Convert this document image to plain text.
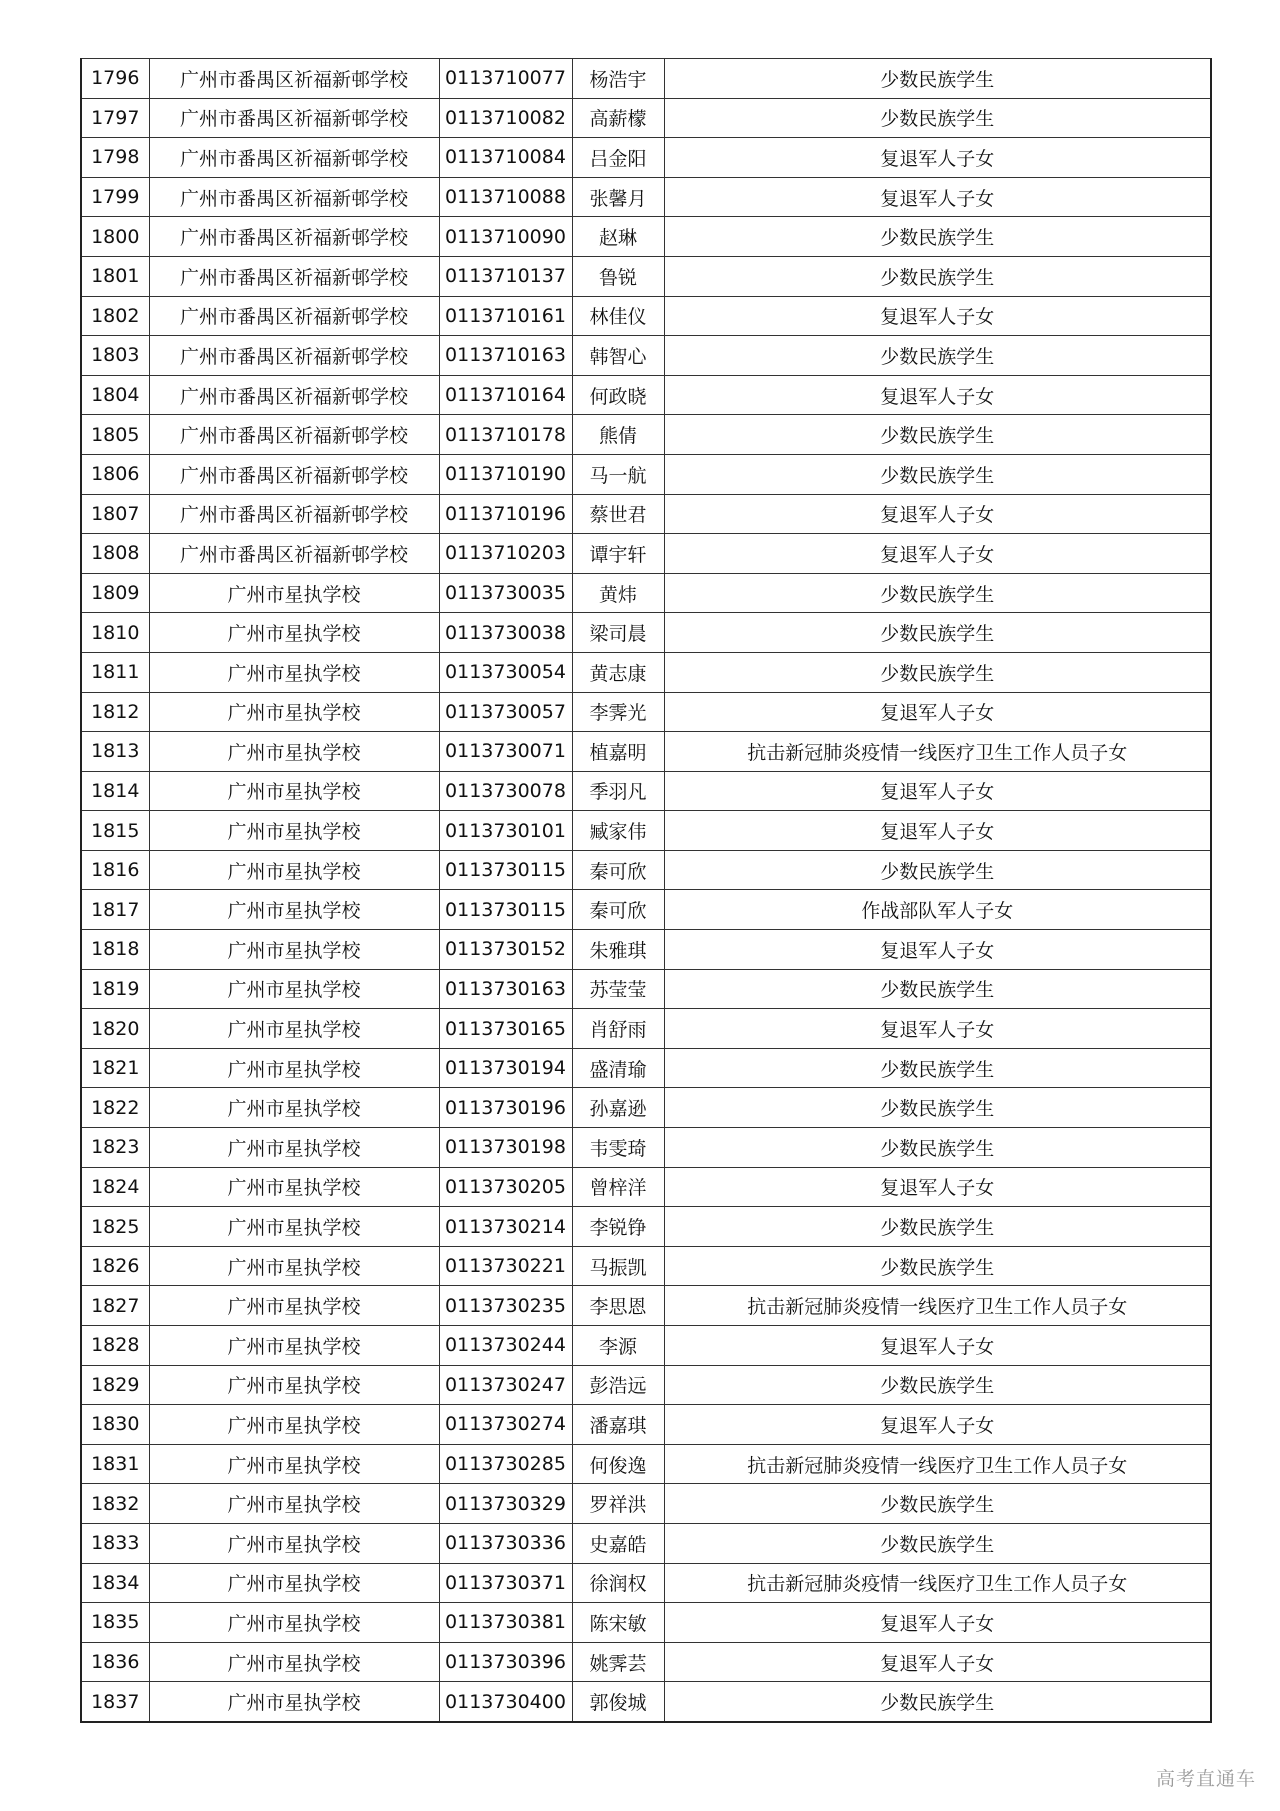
1796	广州市番禺区祈福新邨学校	0113710077	杨浩宇	少数民族学生
1797	广州市番禺区祈福新邨学校	0113710082	高薪檬	少数民族学生
1798	广州市番禺区祈福新邨学校	0113710084	吕金阳	复退军人子女
1799	广州市番禺区祈福新邨学校	0113710088	张馨月	复退军人子女
1800	广州市番禺区祈福新邨学校	0113710090	赵琳	少数民族学生
1801	广州市番禺区祈福新邨学校	0113710137	鲁锐	少数民族学生
1802	广州市番禺区祈福新邨学校	0113710161	林佳仪	复退军人子女
1803	广州市番禺区祈福新邨学校	0113710163	韩智心	少数民族学生
1804	广州市番禺区祈福新邨学校	0113710164	何政晓	复退军人子女
1805	广州市番禺区祈福新邨学校	0113710178	熊倩	少数民族学生
1806	广州市番禺区祈福新邨学校	0113710190	马一航	少数民族学生
1807	广州市番禺区祈福新邨学校	0113710196	蔡世君	复退军人子女
1808	广州市番禺区祈福新邨学校	0113710203	谭宇轩	复退军人子女
1809	广州市星执学校	0113730035	黄炜	少数民族学生
1810	广州市星执学校	0113730038	梁司晨	少数民族学生
1811	广州市星执学校	0113730054	黄志康	少数民族学生
1812	广州市星执学校	0113730057	李霁光	复退军人子女
1813	广州市星执学校	0113730071	植嘉明	抗击新冠肺炎疫情一线医疗卫生工作人员子女
1814	广州市星执学校	0113730078	季羽凡	复退军人子女
1815	广州市星执学校	0113730101	臧家伟	复退军人子女
1816	广州市星执学校	0113730115	秦可欣	少数民族学生
1817	广州市星执学校	0113730115	秦可欣	作战部队军人子女
1818	广州市星执学校	0113730152	朱雅琪	复退军人子女
1819	广州市星执学校	0113730163	苏莹莹	少数民族学生
1820	广州市星执学校	0113730165	肖舒雨	复退军人子女
1821	广州市星执学校	0113730194	盛清瑜	少数民族学生
1822	广州市星执学校	0113730196	孙嘉逊	少数民族学生
1823	广州市星执学校	0113730198	韦雯琦	少数民族学生
1824	广州市星执学校	0113730205	曾梓洋	复退军人子女
1825	广州市星执学校	0113730214	李锐铮	少数民族学生
1826	广州市星执学校	0113730221	马振凯	少数民族学生
1827	广州市星执学校	0113730235	李思恩	抗击新冠肺炎疫情一线医疗卫生工作人员子女
1828	广州市星执学校	0113730244	李源	复退军人子女
1829	广州市星执学校	0113730247	彭浩远	少数民族学生
1830	广州市星执学校	0113730274	潘嘉琪	复退军人子女
1831	广州市星执学校	0113730285	何俊逸	抗击新冠肺炎疫情一线医疗卫生工作人员子女
1832	广州市星执学校	0113730329	罗祥洪	少数民族学生
1833	广州市星执学校	0113730336	史嘉皓	少数民族学生
1834	广州市星执学校	0113730371	徐润权	抗击新冠肺炎疫情一线医疗卫生工作人员子女
1835	广州市星执学校	0113730381	陈宋敏	复退军人子女
1836	广州市星执学校	0113730396	姚霁芸	复退军人子女
1837	广州市星执学校	0113730400	郭俊城	少数民族学生
高考直通车
